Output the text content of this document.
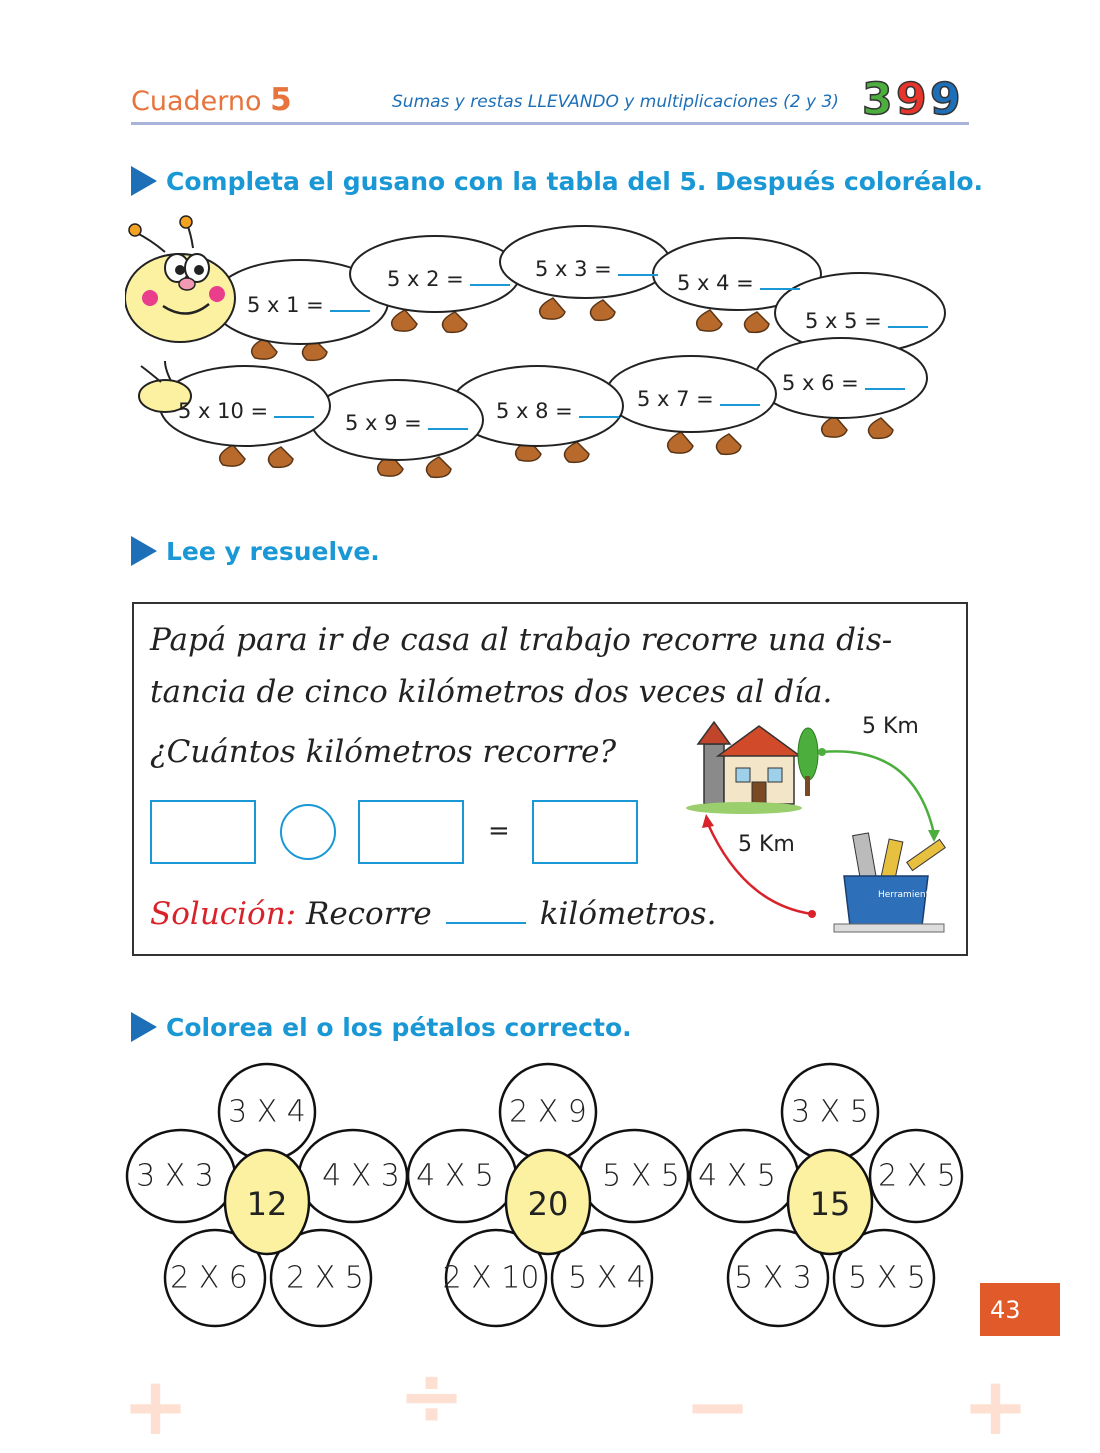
Cuaderno 5	Sumas y restas LLEVANDO y multiplicaciones (2 y 3) 3 9 9
Completa el gusano con la tabla del 5. Después coloréalo.
5 x 1 =
5 x 2 =	5 x 3 =
5 x 4 =
5 x 5 =
5 x 6 =
5 x 7 =
5 x 8 =
5 x 9 =
5 x 10 =
Lee y resuelve.
Papá para ir de casa al trabajo recorre una dis-
tancia de cinco kilómetros dos veces al día.
¿Cuántos kilómetros recorre?
=
Solución: Recorre	kilómetros.
5 Km
5 Km
Herramientas
Colorea el o los pétalos correcto.
3 X 4
3 X 3	4 X 3
2 X 6 2 X 5
12
2 X 9
4 X 5	5 X 5
2 X 10 5 X 4
20
3 X 5
4 X 5	2 X 5
5 X 3 5 X 5
15
43
+	÷	−	+
